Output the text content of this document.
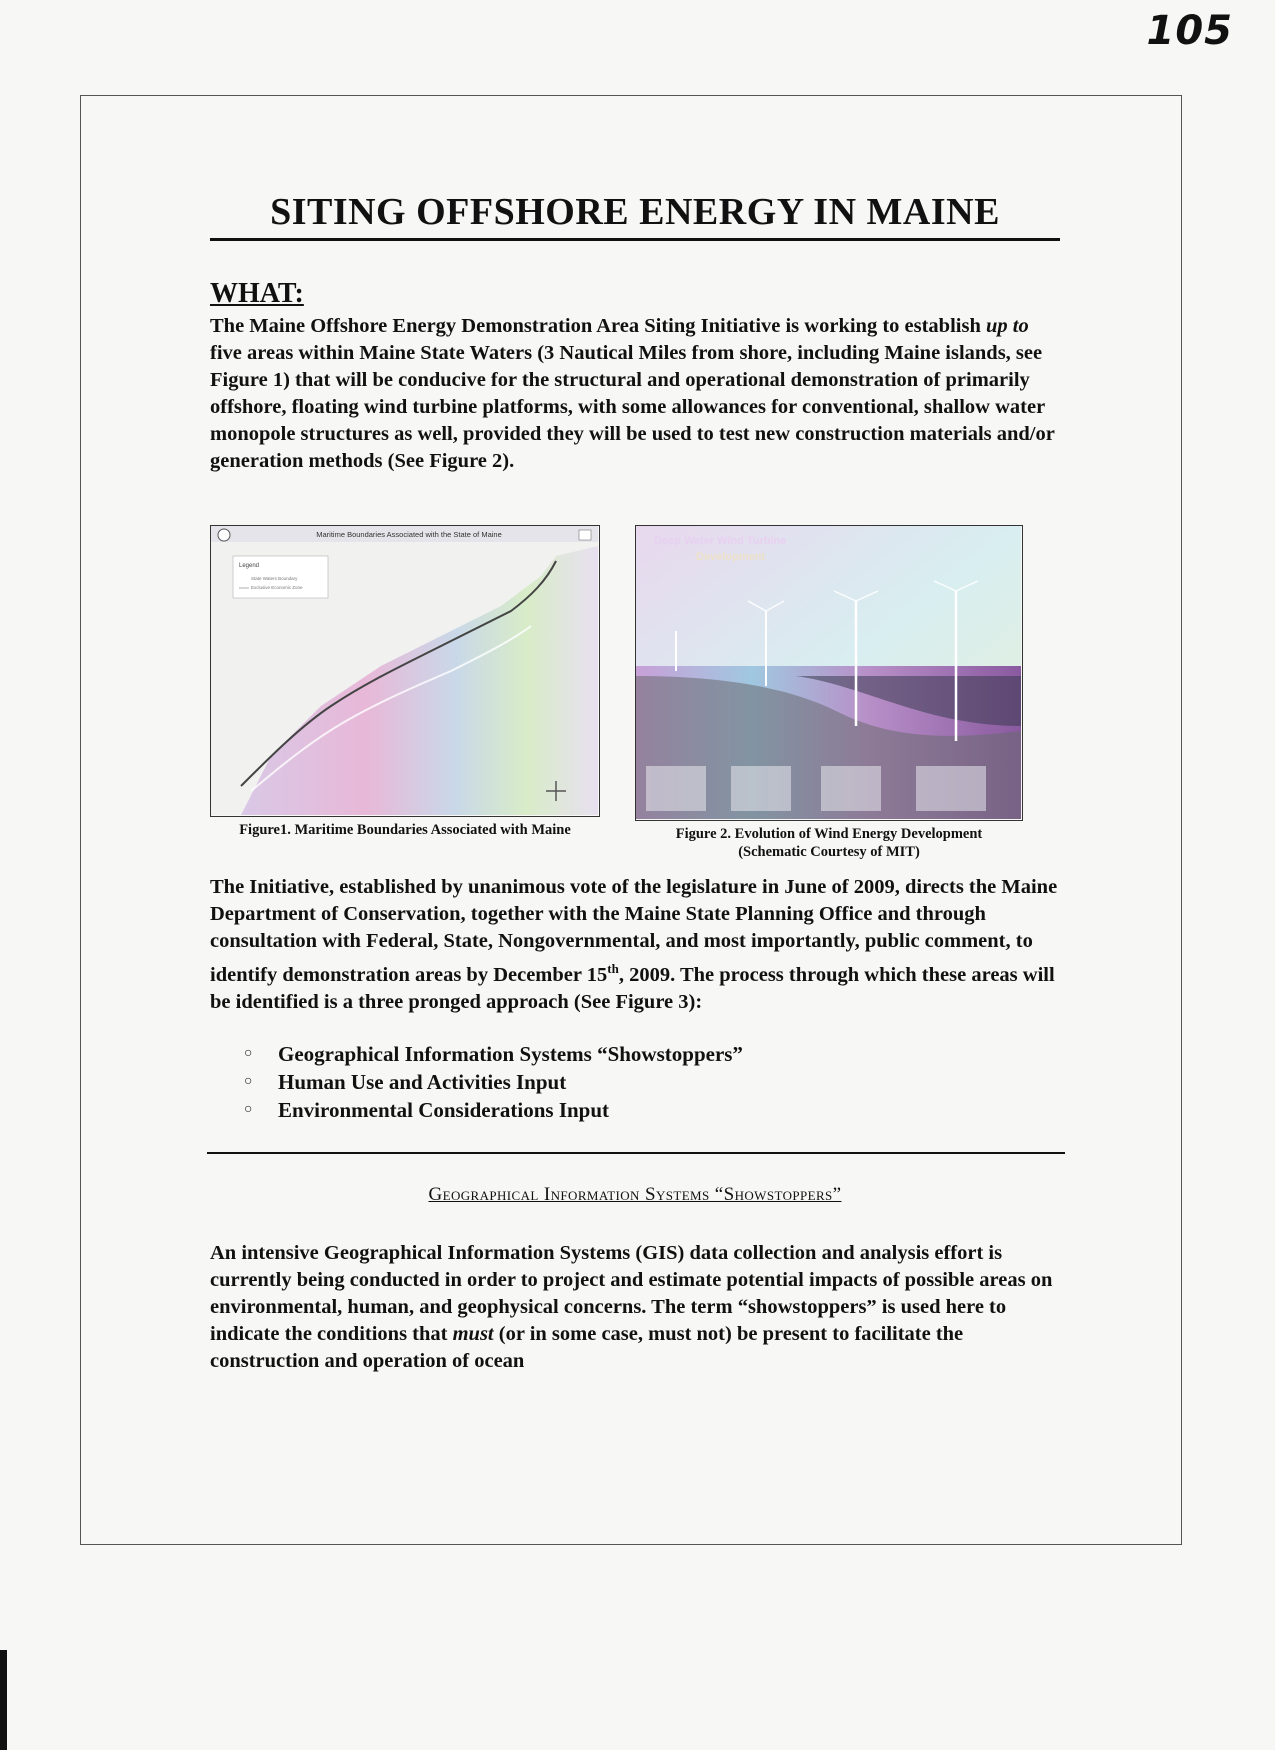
105
SITING OFFSHORE ENERGY IN MAINE
WHAT:

The Maine Offshore Energy Demonstration Area Siting Initiative is working to establish up to five areas within Maine State Waters (3 Nautical Miles from shore, including Maine islands, see Figure 1) that will be conducive for the structural and operational demonstration of primarily offshore, floating wind turbine platforms, with some allowances for conventional, shallow water monopole structures as well, provided they will be used to test new construction materials and/or generation methods (See Figure 2).

Maritime Boundaries Associated with the State of Maine
Legend
State Waters Boundary
Exclusive Economic Zone
Figure1. Maritime Boundaries Associated with Maine
Deep Water Wind Turbine
Development
Figure 2. Evolution of Wind Energy Development
(Schematic Courtesy of MIT)

The Initiative, established by unanimous vote of the legislature in June of 2009, directs the Maine Department of Conservation, together with the Maine State Planning Office and through consultation with Federal, State, Nongovernmental, and most importantly, public comment, to identify demonstration areas by December 15th, 2009. The process through which these areas will be identified is a three pronged approach (See Figure 3):

○	Geographical Information Systems “Showstoppers”
○	Human Use and Activities Input
○	Environmental Considerations Input
Geographical Information Systems “Showstoppers”

An intensive Geographical Information Systems (GIS) data collection and analysis effort is currently being conducted in order to project and estimate potential impacts of possible areas on environmental, human, and geophysical concerns. The term “showstoppers” is used here to indicate the conditions that must (or in some case, must not) be present to facilitate the construction and operation of ocean
